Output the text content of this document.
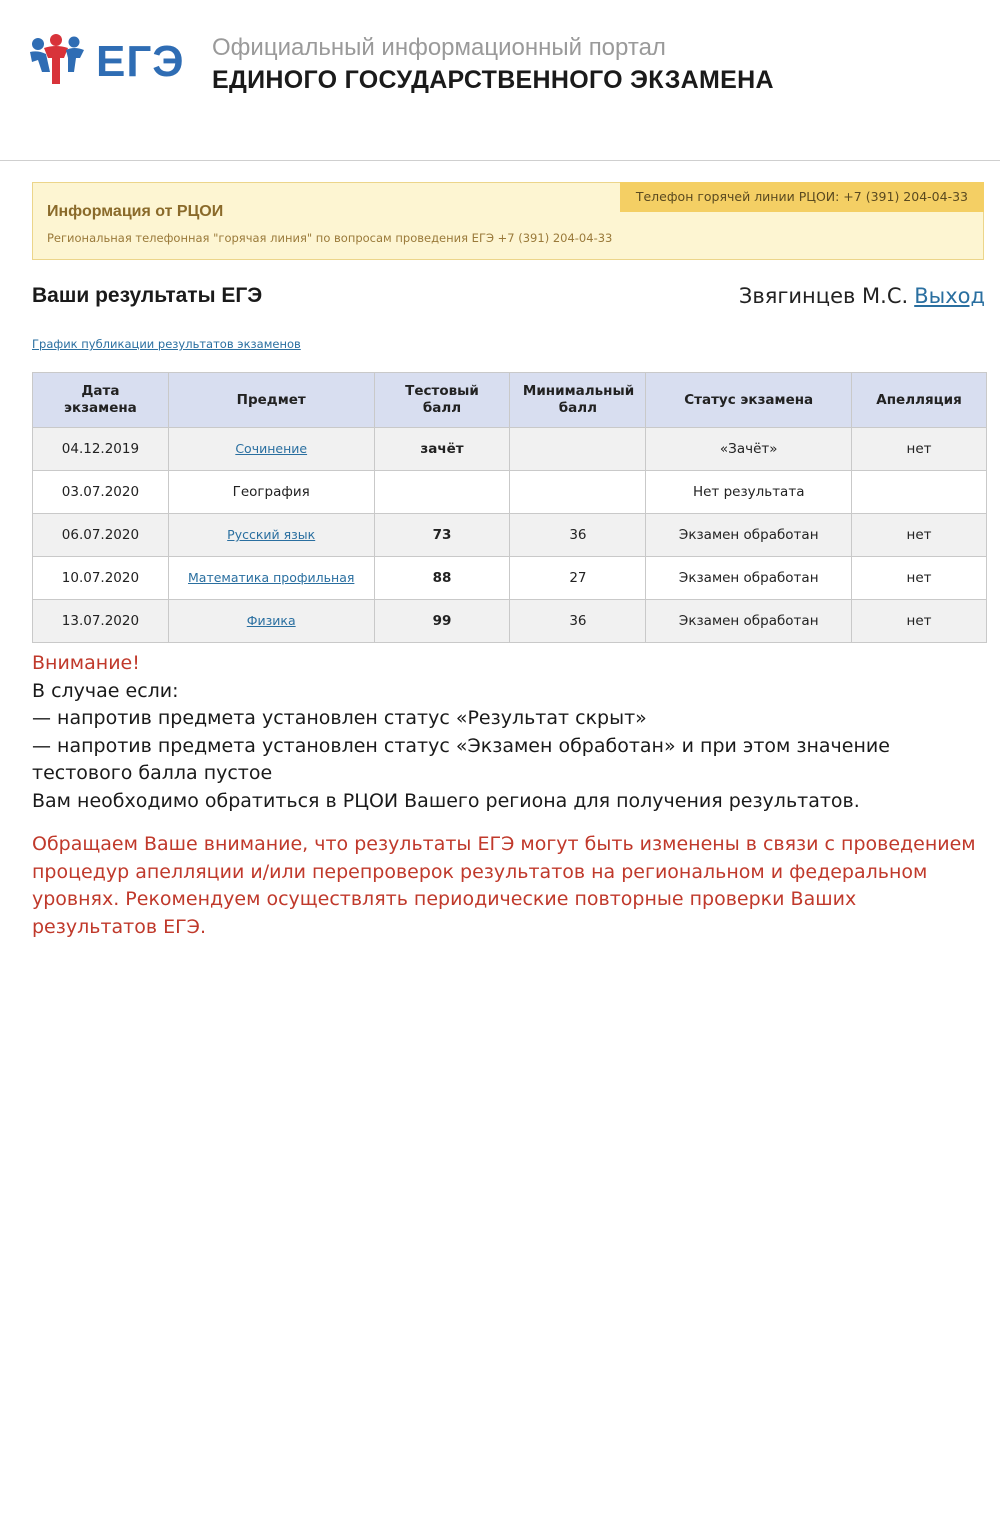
ЕГЭ Официальный информационный портал
ЕДИНОГО ГОСУДАРСТВЕННОГО ЭКЗАМЕНА
Телефон горячей линии РЦОИ: +7 (391) 204-04-33
Информация от РЦОИ
Региональная телефонная "горячая линия" по вопросам проведения ЕГЭ +7 (391) 204-04-33
Ваши результаты ЕГЭ	Звягинцев М.С. Выход
График публикации результатов экзаменов
Дата экзамена	Предмет	Тестовый балл	Минимальный балл	Статус экзамена	Апелляция
04.12.2019	Сочинение	зачёт		«Зачёт»	нет
03.07.2020	География			Нет результата	
06.07.2020	Русский язык	73	36	Экзамен обработан	нет
10.07.2020	Математика профильная	88	27	Экзамен обработан	нет
13.07.2020	Физика	99	36	Экзамен обработан	нет
Внимание!
В случае если:
— напротив предмета установлен статус «Результат скрыт»
— напротив предмета установлен статус «Экзамен обработан» и при этом значение тестового балла пустое
Вам необходимо обратиться в РЦОИ Вашего региона для получения результатов.
Обращаем Ваше внимание, что результаты ЕГЭ могут быть изменены в связи с проведением процедур апелляции и/или перепроверок результатов на региональном и федеральном уровнях. Рекомендуем осуществлять периодические повторные проверки Ваших результатов ЕГЭ.
